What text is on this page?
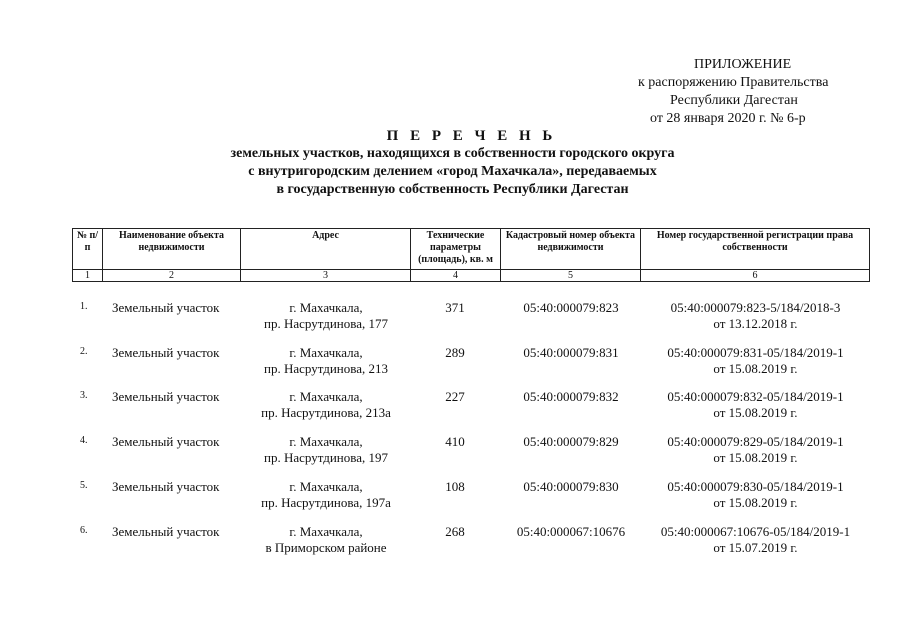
ПРИЛОЖЕНИЕ
к распоряжению Правительства
Республики Дагестан
от 28 января 2020 г. № 6-р
П Е Р Е Ч Е Н Ь
земельных участков, находящихся в собственности городского округа
с внутригородским делением «город Махачкала», передаваемых
в государственную собственность Республики Дагестан
№ п/п	Наименование объекта недвижимости	Адрес	Технические параметры (площадь), кв. м	Кадастровый номер объекта недвижимости	Номер государственной регистрации права собственности
1	2	3	4	5	6
1.	Земельный участок	г. Махачкала,
пр. Насрутдинова, 177
371	05:40:000079:823	05:40:000079:823-5/184/2018-3
от 13.12.2018 г.
2.	Земельный участок	г. Махачкала,
пр. Насрутдинова, 213
289	05:40:000079:831	05:40:000079:831-05/184/2019-1
от 15.08.2019 г.
3.	Земельный участок	г. Махачкала,
пр. Насрутдинова, 213а
227	05:40:000079:832	05:40:000079:832-05/184/2019-1
от 15.08.2019 г.
4.	Земельный участок	г. Махачкала,
пр. Насрутдинова, 197
410	05:40:000079:829	05:40:000079:829-05/184/2019-1
от 15.08.2019 г.
5.	Земельный участок	г. Махачкала,
пр. Насрутдинова, 197а
108	05:40:000079:830	05:40:000079:830-05/184/2019-1
от 15.08.2019 г.
6.	Земельный участок	г. Махачкала,
в Приморском районе
268	05:40:000067:10676	05:40:000067:10676-05/184/2019-1
от 15.07.2019 г.
